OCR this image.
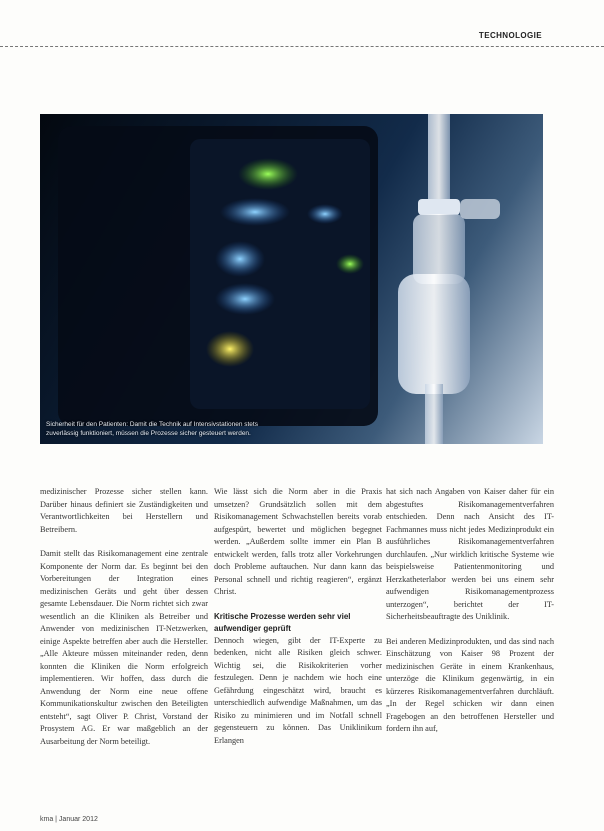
TECHNOLOGIE
Sicherheit für den Patienten: Damit die Technik auf Intensivstationen stets zuverlässig funktioniert, müssen die Prozesse sicher gesteuert werden.

medizinischer Prozesse sicher stellen kann. Darüber hinaus definiert sie Zuständigkeiten und Verantwortlichkeiten bei Herstellern und Betreibern.

Damit stellt das Risikomanagement eine zentrale Komponente der Norm dar. Es beginnt bei den Vorbereitungen der Integration eines medizinischen Geräts und geht über dessen gesamte Lebensdauer. Die Norm richtet sich zwar wesentlich an die Kliniken als Betreiber und Anwender von medizinischen IT-Netzwerken, einige Aspekte betreffen aber auch die Hersteller. „Alle Akteure müssen miteinander reden, denn konnten die Kliniken die Norm erfolgreich implementieren. Wir hoffen, dass durch die Anwendung der Norm eine neue offene Kommunikationskultur zwischen den Beteiligten entsteht“, sagt Oliver P. Christ, Vorstand der Prosystem AG. Er war maßgeblich an der Ausarbeitung der Norm beteiligt.

Wie lässt sich die Norm aber in die Praxis umsetzen? Grundsätzlich sollen mit dem Risikomanagement Schwachstellen bereits vorab aufgespürt, bewertet und möglichen begegnet werden. „Außerdem sollte immer ein Plan B entwickelt werden, falls trotz aller Vorkehrungen doch Probleme auftauchen. Nur dann kann das Personal schnell und richtig reagieren“, ergänzt Christ.

Kritische Prozesse werden sehr viel aufwendiger geprüft

Dennoch wiegen, gibt der IT-Experte zu bedenken, nicht alle Risiken gleich schwer. Wichtig sei, die Risikokriterien vorher festzulegen. Denn je nachdem wie hoch eine Gefährdung eingeschätzt wird, braucht es unterschiedlich aufwendige Maßnahmen, um das Risiko zu minimieren und im Notfall schnell gegensteuern zu können. Das Uniklinikum Erlangen

hat sich nach Angaben von Kaiser daher für ein abgestuftes Risikomanagementverfahren entschieden. Denn nach Ansicht des IT-Fachmannes muss nicht jedes Medizinprodukt ein ausführliches Risikomanagementverfahren durchlaufen. „Nur wirklich kritische Systeme wie beispielsweise Patientenmonitoring und Herzkatheterlabor werden bei uns einem sehr aufwendigen Risikomanagementprozess unterzogen“, berichtet der IT-Sicherheitsbeauftragte des Uniklinik.

Bei anderen Medizinprodukten, und das sind nach Einschätzung von Kaiser 98 Prozent der medizinischen Geräte in einem Krankenhaus, unterzöge die Klinikum gegenwärtig, in ein kürzeres Risikomanagementverfahren durchläuft. „In der Regel schicken wir dann einen Fragebogen an den betroffenen Hersteller und fordern ihn auf,

kma | Januar 2012
